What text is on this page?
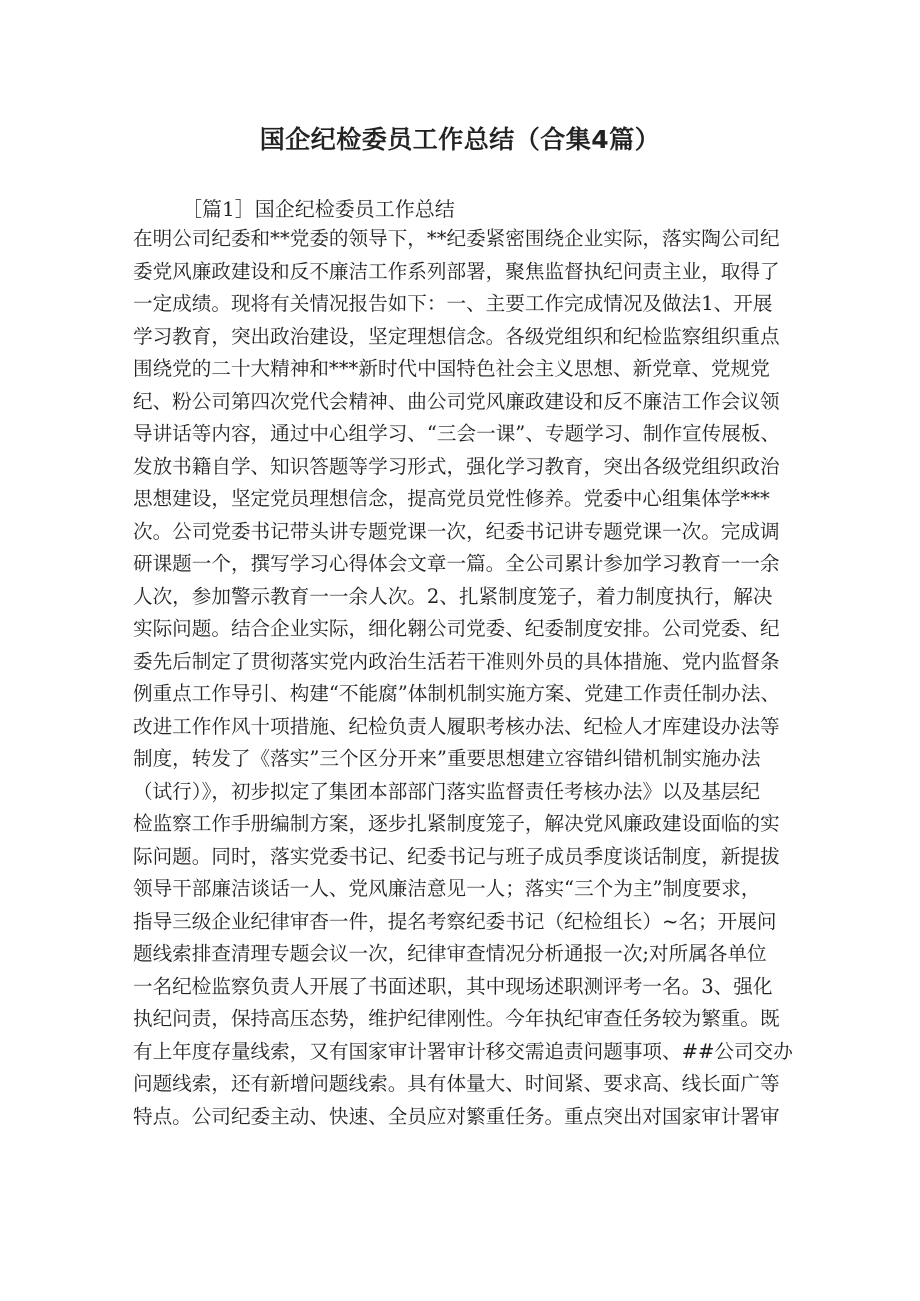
国企纪检委员工作总结（合集4篇）
［篇1］国企纪检委员工作总结
在明公司纪委和**党委的领导下，**纪委紧密围绕企业实际，落实陶公司纪
委党风廉政建设和反不廉洁工作系列部署，聚焦监督执纪问责主业，取得了
一定成绩。现将有关情况报告如下：一、主要工作完成情况及做法1、开展
学习教育，突出政治建设，坚定理想信念。各级党组织和纪检监察组织重点
围绕党的二十大精神和***新时代中国特色社会主义思想、新党章、党规党
纪、粉公司第四次党代会精神、曲公司党风廉政建设和反不廉洁工作会议领
导讲话等内容，通过中心组学习、“三会一课”、专题学习、制作宣传展板、
发放书籍自学、知识答题等学习形式，强化学习教育，突出各级党组织政治
思想建设，坚定党员理想信念，提高党员党性修养。党委中心组集体学***
次。公司党委书记带头讲专题党课一次，纪委书记讲专题党课一次。完成调
研课题一个，撰写学习心得体会文章一篇。全公司累计参加学习教育一一余
人次，参加警示教育一一余人次。2、扎紧制度笼子，着力制度执行，解决
实际问题。结合企业实际，细化翱公司党委、纪委制度安排。公司党委、纪
委先后制定了贯彻落实党内政治生活若干准则外员的具体措施、党内监督条
例重点工作导引、构建“不能腐”体制机制实施方案、党建工作责任制办法、
改进工作作风十项措施、纪检负责人履职考核办法、纪检人才库建设办法等
制度，转发了《落实”三个区分开来”重要思想建立容错纠错机制实施办法
（试行）》，初步拟定了集团本部部门落实监督责任考核办法》以及基层纪
检监察工作手册编制方案，逐步扎紧制度笼子，解决党风廉政建设面临的实
际问题。同时，落实党委书记、纪委书记与班子成员季度谈话制度，新提拔
领导干部廉洁谈话一人、党风廉洁意见一人；落实“三个为主”制度要求，
指导三级企业纪律审杳一件，提名考察纪委书记（纪检组长）~名；开展问
题线索排查清理专题会议一次，纪律审查情况分析通报一次;对所属各单位
一名纪检监察负责人开展了书面述职，其中现场述职测评考一名。3、强化
执纪问责，保持高压态势，维护纪律刚性。今年执纪审查任务较为繁重。既
有上年度存量线索，又有国家审计署审计移交需追责问题事项、##公司交办
问题线索，还有新增问题线索。具有体量大、时间紧、要求高、线长面广等
特点。公司纪委主动、快速、全员应对繁重任务。重点突出对国家审计署审
